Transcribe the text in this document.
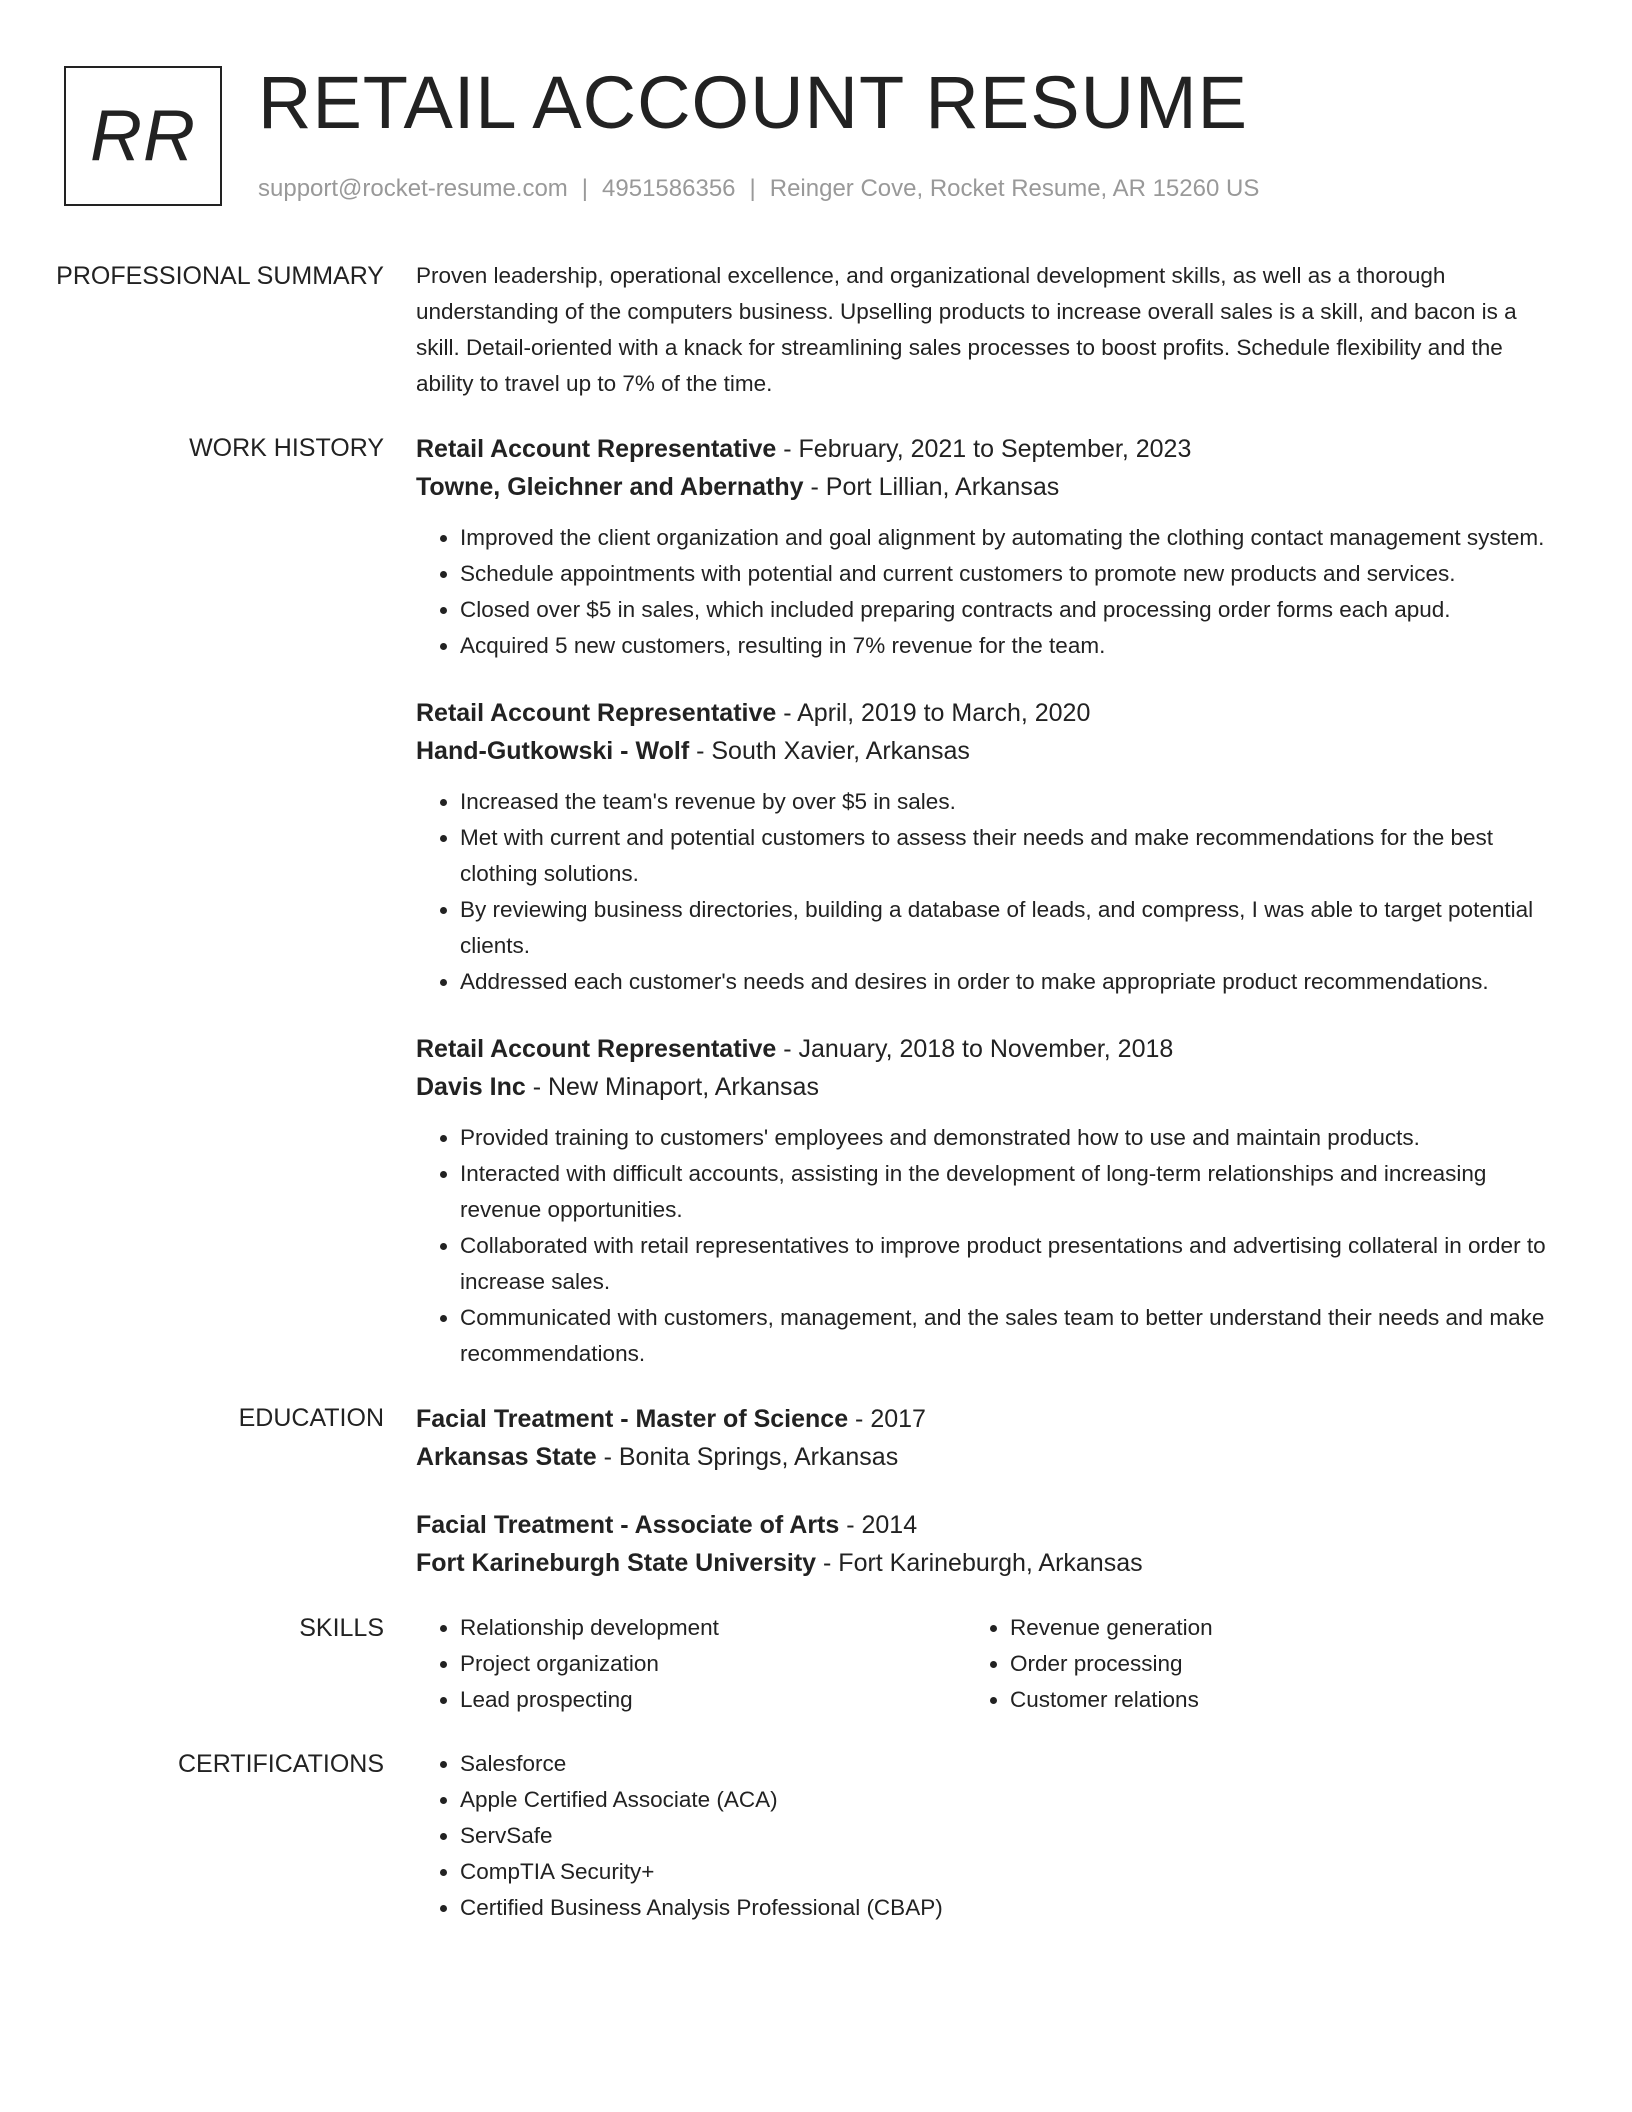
RR RETAIL ACCOUNT RESUME
support@rocket-resume.com | 4951586356 | Reinger Cove, Rocket Resume, AR 15260 US
PROFESSIONAL SUMMARY	Proven leadership, operational excellence, and organizational development skills, as well as a thorough understanding of the computers business. Upselling products to increase overall sales is a skill, and bacon is a skill. Detail-oriented with a knack for streamlining sales processes to boost profits. Schedule flexibility and the ability to travel up to 7% of the time.

WORK HISTORY	Retail Account Representative - February, 2021 to September, 2023
Towne, Gleichner and Abernathy - Port Lillian, Arkansas
• Improved the client organization and goal alignment by automating the clothing contact management system.
• Schedule appointments with potential and current customers to promote new products and services.
• Closed over $5 in sales, which included preparing contracts and processing order forms each apud.
• Acquired 5 new customers, resulting in 7% revenue for the team.
Retail Account Representative - April, 2019 to March, 2020
Hand-Gutkowski - Wolf - South Xavier, Arkansas
• Increased the team's revenue by over $5 in sales.
• Met with current and potential customers to assess their needs and make recommendations for the best clothing solutions.
• By reviewing business directories, building a database of leads, and compress, I was able to target potential clients.
• Addressed each customer's needs and desires in order to make appropriate product recommendations.
Retail Account Representative - January, 2018 to November, 2018
Davis Inc - New Minaport, Arkansas
• Provided training to customers' employees and demonstrated how to use and maintain products.
• Interacted with difficult accounts, assisting in the development of long-term relationships and increasing revenue opportunities.
• Collaborated with retail representatives to improve product presentations and advertising collateral in order to increase sales.
• Communicated with customers, management, and the sales team to better understand their needs and make recommendations.
EDUCATION	Facial Treatment - Master of Science - 2017
Arkansas State - Bonita Springs, Arkansas
Facial Treatment - Associate of Arts - 2014
Fort Karineburgh State University - Fort Karineburgh, Arkansas
SKILLS	• Relationship development
• Project organization
• Lead prospecting
• Revenue generation
• Order processing
• Customer relations
CERTIFICATIONS	• Salesforce
• Apple Certified Associate (ACA)
• ServSafe
• CompTIA Security+
• Certified Business Analysis Professional (CBAP)
